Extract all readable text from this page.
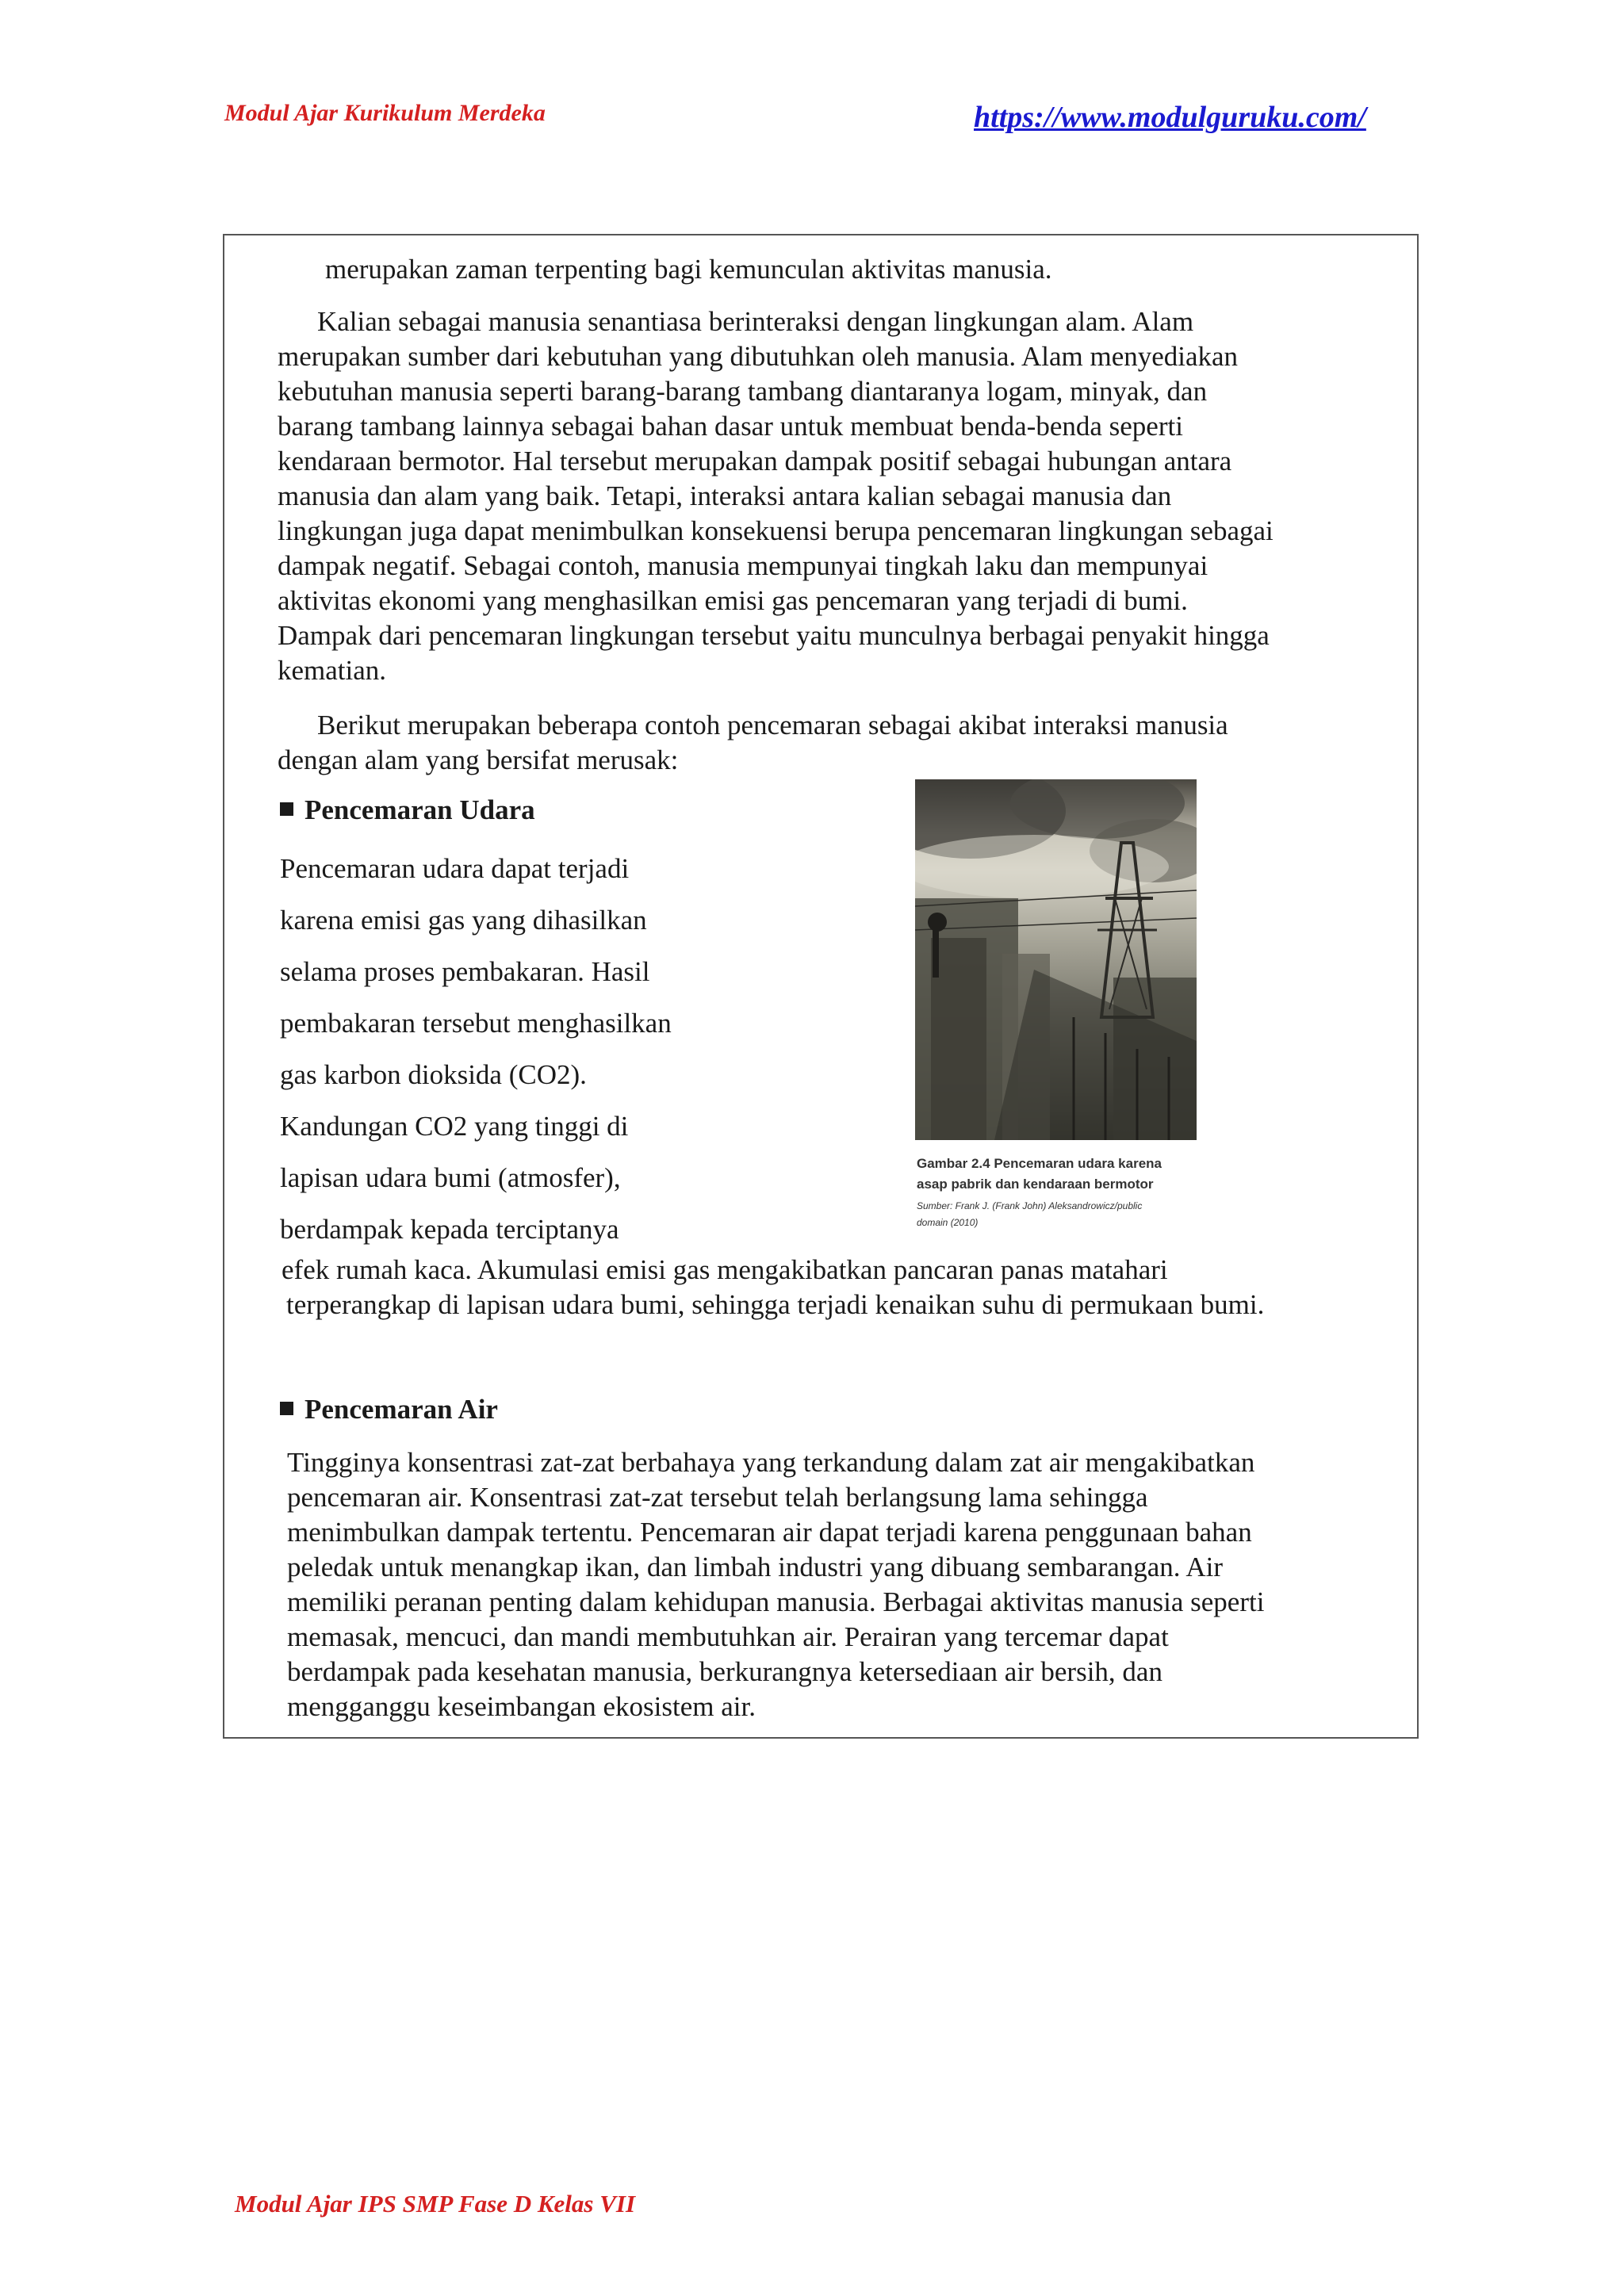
Modul Ajar Kurikulum Merdeka	https://www.modulguruku.com/

merupakan zaman terpenting bagi kemunculan aktivitas manusia.

Kalian sebagai manusia senantiasa berinteraksi dengan lingkungan alam. Alam
merupakan sumber dari kebutuhan yang dibutuhkan oleh manusia. Alam menyediakan
kebutuhan manusia seperti barang-barang tambang diantaranya logam, minyak, dan
barang tambang lainnya sebagai bahan dasar untuk membuat benda-benda seperti
kendaraan bermotor. Hal tersebut merupakan dampak positif sebagai hubungan antara
manusia dan alam yang baik. Tetapi, interaksi antara kalian sebagai manusia dan
lingkungan juga dapat menimbulkan konsekuensi berupa pencemaran lingkungan sebagai
dampak negatif. Sebagai contoh, manusia mempunyai tingkah laku dan mempunyai
aktivitas ekonomi yang menghasilkan emisi gas pencemaran yang terjadi di bumi.
Dampak dari pencemaran lingkungan tersebut yaitu munculnya berbagai penyakit hingga
kematian.
Berikut merupakan beberapa contoh pencemaran sebagai akibat interaksi manusia
dengan alam yang bersifat merusak:

Pencemaran Udara

Pencemaran udara dapat terjadi
karena emisi gas yang dihasilkan
selama proses pembakaran. Hasil
pembakaran tersebut menghasilkan
gas karbon dioksida (CO2).
Kandungan CO2 yang tinggi di
lapisan udara bumi (atmosfer),
berdampak kepada terciptanya

Gambar 2.4 Pencemaran udara karena

asap pabrik dan kendaraan bermotor

Sumber: Frank J. (Frank John) Aleksandrowicz/public

domain (2010)

efek rumah kaca. Akumulasi emisi gas mengakibatkan pancaran panas matahari
terperangkap di lapisan udara bumi, sehingga terjadi kenaikan suhu di permukaan bumi.

Pencemaran Air

Tingginya konsentrasi zat-zat berbahaya yang terkandung dalam zat air mengakibatkan
pencemaran air. Konsentrasi zat-zat tersebut telah berlangsung lama sehingga
menimbulkan dampak tertentu. Pencemaran air dapat terjadi karena penggunaan bahan
peledak untuk menangkap ikan, dan limbah industri yang dibuang sembarangan. Air
memiliki peranan penting dalam kehidupan manusia. Berbagai aktivitas manusia seperti
memasak, mencuci, dan mandi membutuhkan air. Perairan yang tercemar dapat
berdampak pada kesehatan manusia, berkurangnya ketersediaan air bersih, dan
mengganggu keseimbangan ekosistem air.
Modul Ajar IPS SMP Fase D Kelas VII
